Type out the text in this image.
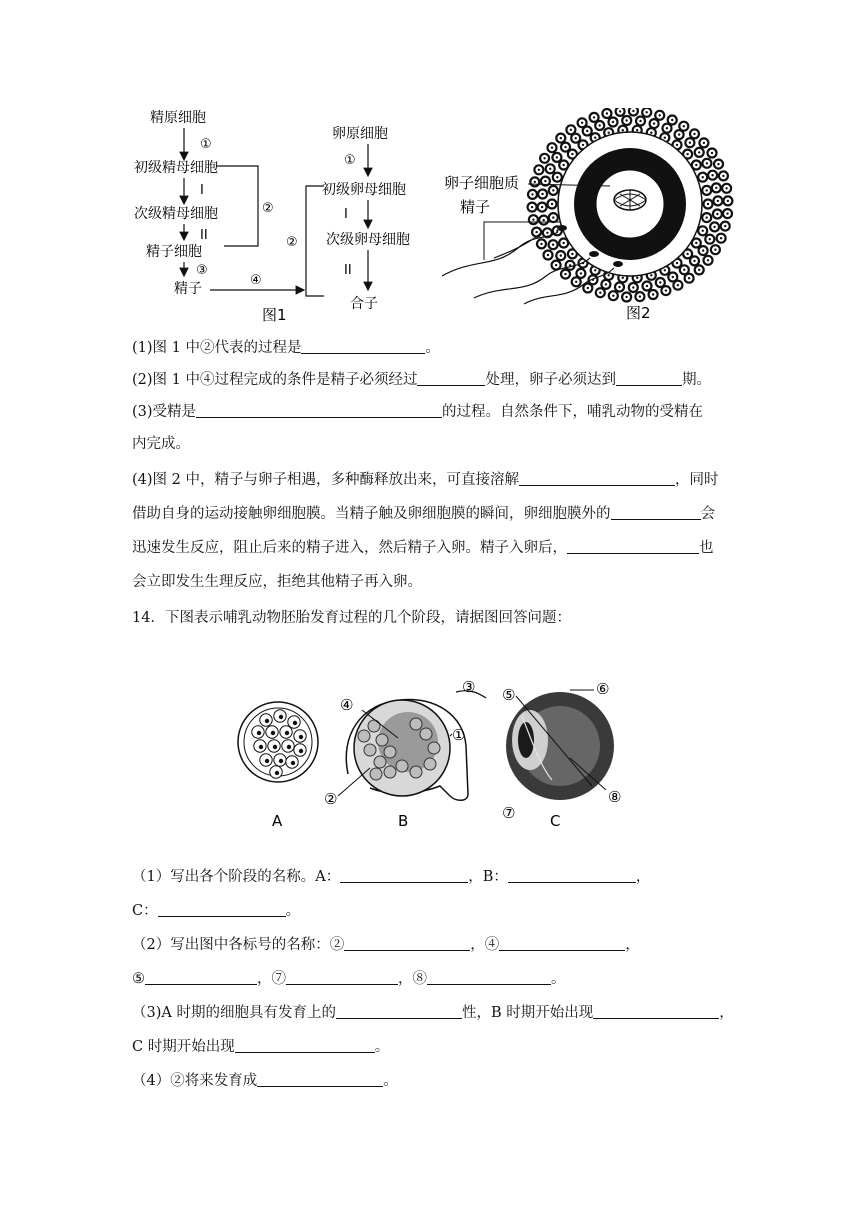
精原细胞
①
初级精母细胞
I
次级精母细胞
II
精子细胞
③
精子
②
④
②
卵原细胞
①
初级卵母细胞
I
次级卵母细胞
II
合子
图1
卵子细胞质
精子
图2
(1)图 1 中②代表的过程是	。
(2)图 1 中④过程完成的条件是精子必须经过	处理，卵子必须达到	期。
(3)受精是	的过程。自然条件下，哺乳动物的受精在
内完成。
(4)图 2 中，精子与卵子相遇，多种酶释放出来，可直接溶解	，同时
借助自身的运动接触卵细胞膜。当精子触及卵细胞膜的瞬间，卵细胞膜外的	会
迅速发生反应，阻止后来的精子进入，然后精子入卵。精子入卵后，	也
会立即发生生理反应，拒绝其他精子再入卵。
14．下图表示哺乳动物胚胎发育过程的几个阶段，请据图回答问题：
A
④
③
①
②
B
⑤	⑥
⑦
⑧
C
（1）写出各个阶段的名称。A：	，B：	，
C：	。
（2）写出图中各标号的名称：②	，④	，
⑤	，⑦	，⑧	。
（3)A 时期的细胞具有发育上的	性，B 时期开始出现	，
C 时期开始出现	。
（4）②将来发育成	。
